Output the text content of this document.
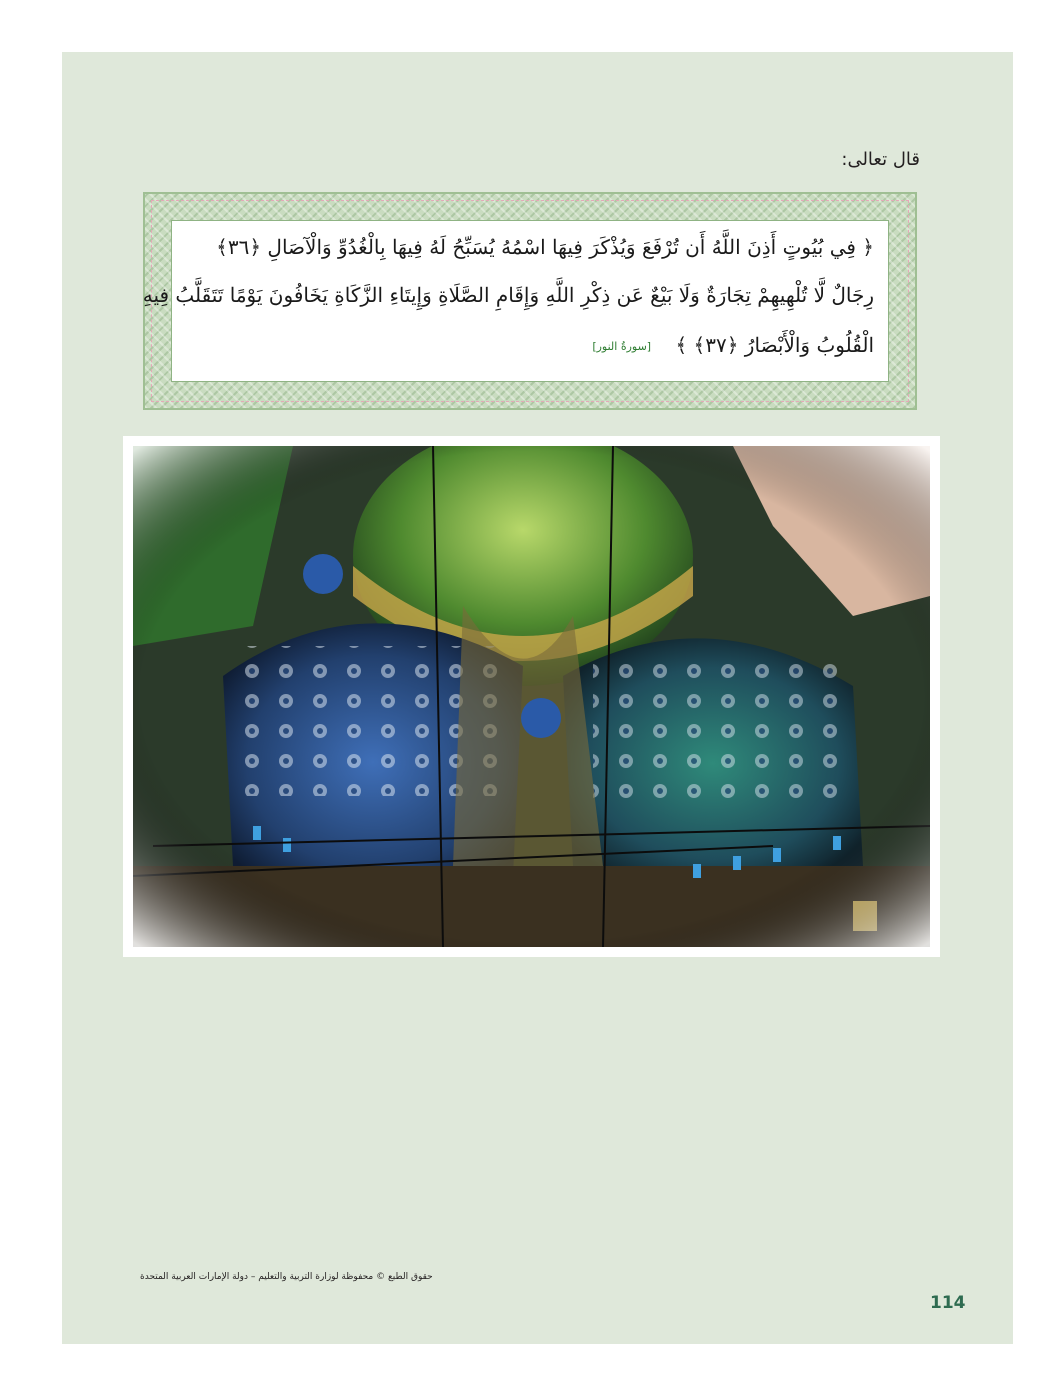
قال تعالى:
﴿ فِي بُيُوتٍ أَذِنَ اللَّهُ أَن تُرْفَعَ وَيُذْكَرَ فِيهَا اسْمُهُ يُسَبِّحُ لَهُ فِيهَا بِالْغُدُوِّ وَالْآصَالِ ﴿٣٦﴾
رِجَالٌ لَّا تُلْهِيهِمْ تِجَارَةٌ وَلَا بَيْعٌ عَن ذِكْرِ اللَّهِ وَإِقَامِ الصَّلَاةِ وَإِيتَاءِ الزَّكَاةِ يَخَافُونَ يَوْمًا تَتَقَلَّبُ فِيهِ
الْقُلُوبُ وَالْأَبْصَارُ ﴿٣٧﴾ ﴾ [سورةُ النور]
حقوق الطبع © محفوظة لوزارة التربية والتعليم – دولة الإمارات العربية المتحدة
114
